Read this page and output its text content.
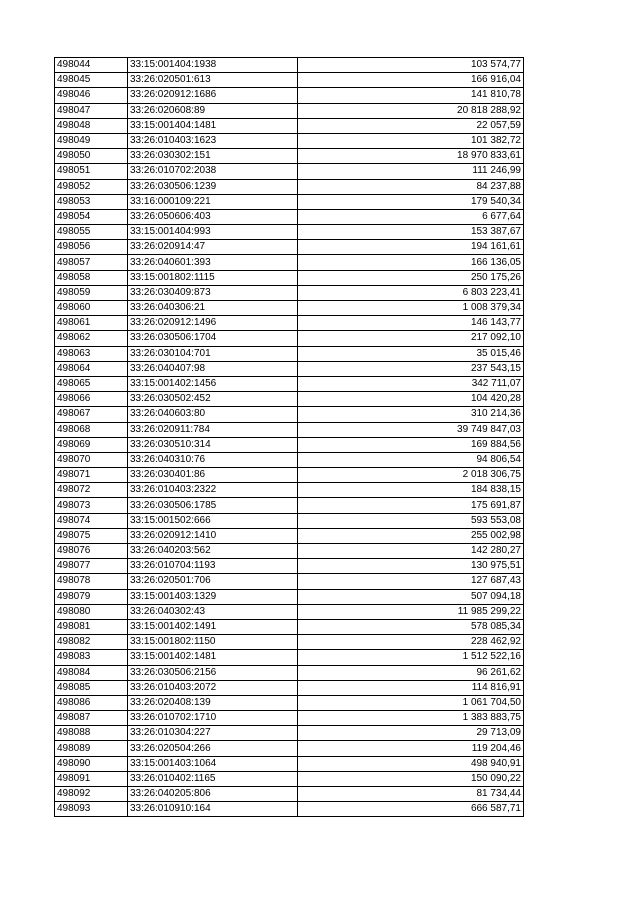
498044	33:15:001404:1938	103 574,77
498045	33:26:020501:613	166 916,04
498046	33:26:020912:1686	141 810,78
498047	33:26:020608:89	20 818 288,92
498048	33:15:001404:1481	22 057,59
498049	33:26:010403:1623	101 382,72
498050	33:26:030302:151	18 970 833,61
498051	33:26:010702:2038	111 246,99
498052	33:26:030506:1239	84 237,88
498053	33:16:000109:221	179 540,34
498054	33:26:050606:403	6 677,64
498055	33:15:001404:993	153 387,67
498056	33:26:020914:47	194 161,61
498057	33:26:040601:393	166 136,05
498058	33:15:001802:1115	250 175,26
498059	33:26:030409:873	6 803 223,41
498060	33:26:040306:21	1 008 379,34
498061	33:26:020912:1496	146 143,77
498062	33:26:030506:1704	217 092,10
498063	33:26:030104:701	35 015,46
498064	33:26:040407:98	237 543,15
498065	33:15:001402:1456	342 711,07
498066	33:26:030502:452	104 420,28
498067	33:26:040603:80	310 214,36
498068	33:26:020911:784	39 749 847,03
498069	33:26:030510:314	169 884,56
498070	33:26:040310:76	94 806,54
498071	33:26:030401:86	2 018 306,75
498072	33:26:010403:2322	184 838,15
498073	33:26:030506:1785	175 691,87
498074	33:15:001502:666	593 553,08
498075	33:26:020912:1410	255 002,98
498076	33:26:040203:562	142 280,27
498077	33:26:010704:1193	130 975,51
498078	33:26:020501:706	127 687,43
498079	33:15:001403:1329	507 094,18
498080	33:26:040302:43	11 985 299,22
498081	33:15:001402:1491	578 085,34
498082	33:15:001802:1150	228 462,92
498083	33:15:001402:1481	1 512 522,16
498084	33:26:030506:2156	96 261,62
498085	33:26:010403:2072	114 816,91
498086	33:26:020408:139	1 061 704,50
498087	33:26:010702:1710	1 383 883,75
498088	33:26:010304:227	29 713,09
498089	33:26:020504:266	119 204,46
498090	33:15:001403:1064	498 940,91
498091	33:26:010402:1165	150 090,22
498092	33:26:040205:806	81 734,44
498093	33:26:010910:164	666 587,71
